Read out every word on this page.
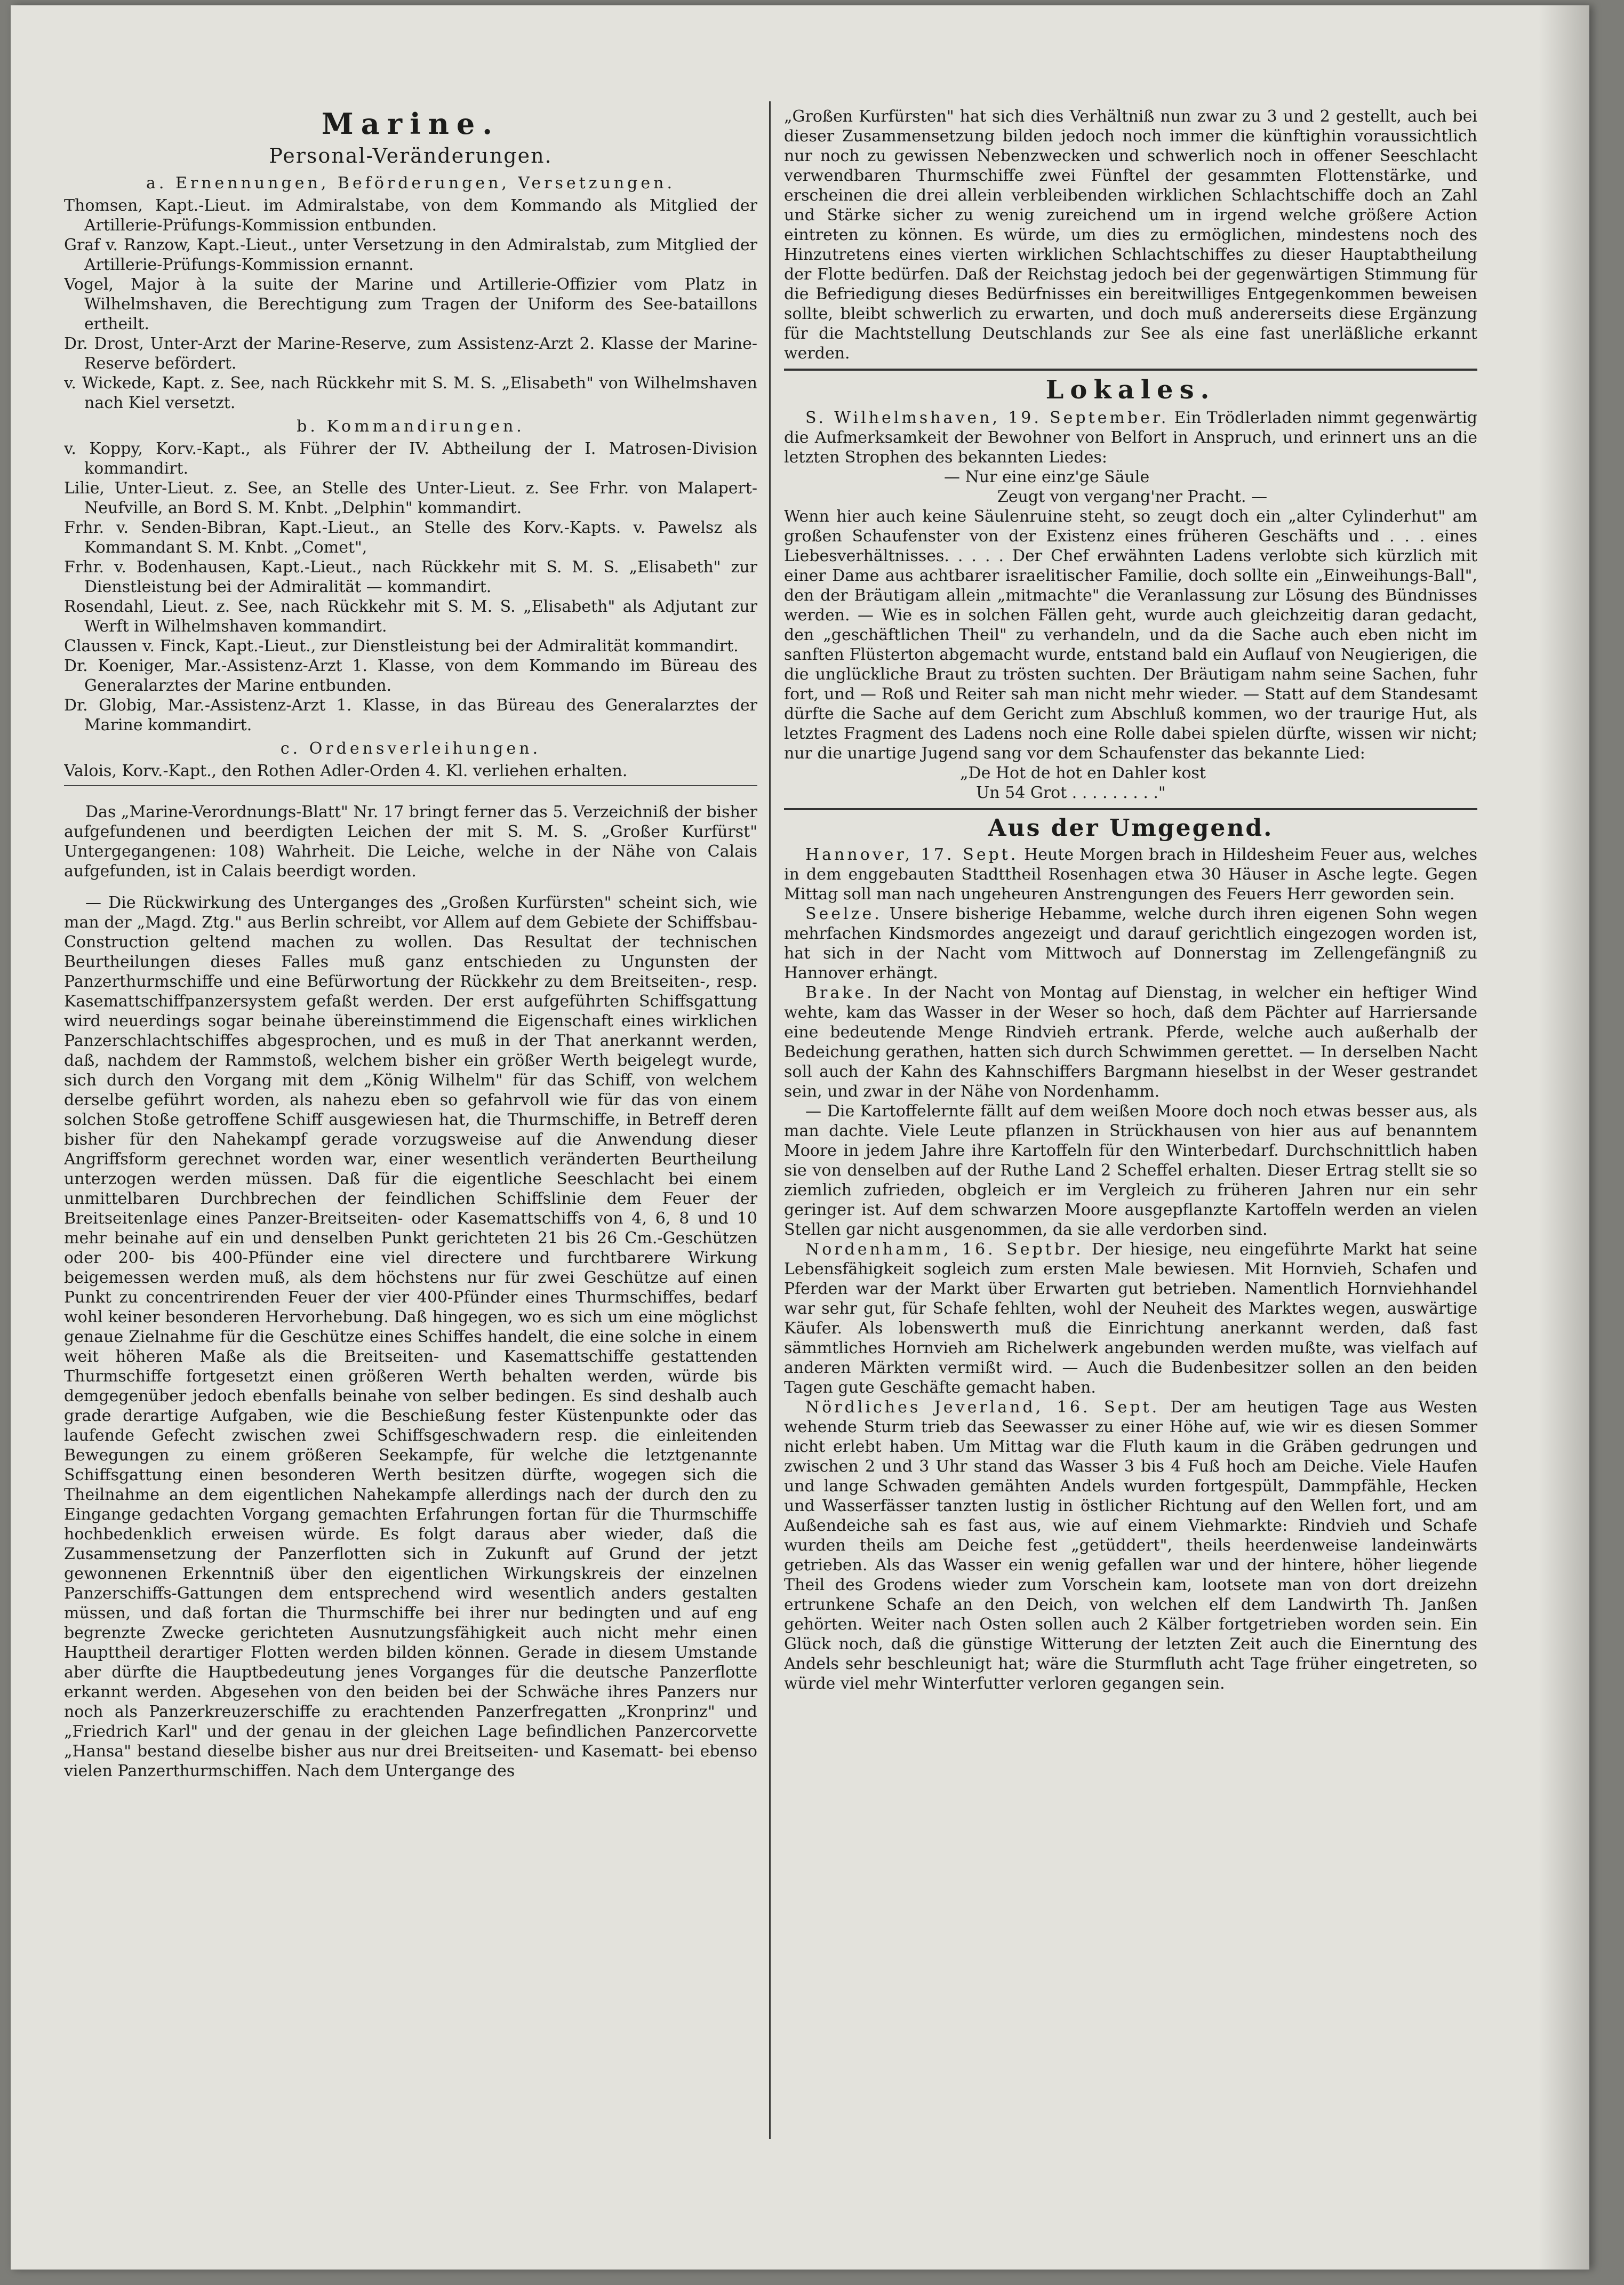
Marine.
Personal-Veränderungen.
a. Ernennungen, Beförderungen, Versetzungen.

Thomsen, Kapt.-Lieut. im Admiralstabe, von dem Kommando als Mitglied der Artillerie-Prüfungs-Kommission entbunden.

Graf v. Ranzow, Kapt.-Lieut., unter Versetzung in den Admiralstab, zum Mitglied der Artillerie-Prüfungs-Kommission ernannt.

Vogel, Major à la suite der Marine und Artillerie-Offizier vom Platz in Wilhelmshaven, die Berechtigung zum Tragen der Uniform des See-bataillons ertheilt.

Dr. Drost, Unter-Arzt der Marine-Reserve, zum Assistenz-Arzt 2. Klasse der Marine-Reserve befördert.

v. Wickede, Kapt. z. See, nach Rückkehr mit S. M. S. „Elisabeth" von Wilhelmshaven nach Kiel versetzt.

b. Kommandirungen.

v. Koppy, Korv.-Kapt., als Führer der IV. Abtheilung der I. Matrosen-Division kommandirt.

Lilie, Unter-Lieut. z. See, an Stelle des Unter-Lieut. z. See Frhr. von Malapert-Neufville, an Bord S. M. Knbt. „Delphin" kommandirt.

Frhr. v. Senden-Bibran, Kapt.-Lieut., an Stelle des Korv.-Kapts. v. Pawelsz als Kommandant S. M. Knbt. „Comet",

Frhr. v. Bodenhausen, Kapt.-Lieut., nach Rückkehr mit S. M. S. „Elisabeth" zur Dienstleistung bei der Admiralität — kommandirt.

Rosendahl, Lieut. z. See, nach Rückkehr mit S. M. S. „Elisabeth" als Adjutant zur Werft in Wilhelmshaven kommandirt.

Claussen v. Finck, Kapt.-Lieut., zur Dienstleistung bei der Admiralität kommandirt.

Dr. Koeniger, Mar.-Assistenz-Arzt 1. Klasse, von dem Kommando im Büreau des Generalarztes der Marine entbunden.

Dr. Globig, Mar.-Assistenz-Arzt 1. Klasse, in das Büreau des Generalarztes der Marine kommandirt.

c. Ordensverleihungen.

Valois, Korv.-Kapt., den Rothen Adler-Orden 4. Kl. verliehen erhalten.

Das „Marine-Verordnungs-Blatt" Nr. 17 bringt ferner das 5. Verzeichniß der bisher aufgefundenen und beerdigten Leichen der mit S. M. S. „Großer Kurfürst" Untergegangenen: 108) Wahrheit. Die Leiche, welche in der Nähe von Calais aufgefunden, ist in Calais beerdigt worden.

— Die Rückwirkung des Unterganges des „Großen Kurfürsten" scheint sich, wie man der „Magd. Ztg." aus Berlin schreibt, vor Allem auf dem Gebiete der Schiffsbau-Construction geltend machen zu wollen. Das Resultat der technischen Beurtheilungen dieses Falles muß ganz entschieden zu Ungunsten der Panzerthurmschiffe und eine Befürwortung der Rückkehr zu dem Breitseiten-, resp. Kasemattschiffpanzersystem gefaßt werden. Der erst aufgeführten Schiffsgattung wird neuerdings sogar beinahe übereinstimmend die Eigenschaft eines wirklichen Panzerschlachtschiffes abgesprochen, und es muß in der That anerkannt werden, daß, nachdem der Rammstoß, welchem bisher ein größer Werth beigelegt wurde, sich durch den Vorgang mit dem „König Wilhelm" für das Schiff, von welchem derselbe geführt worden, als nahezu eben so gefahrvoll wie für das von einem solchen Stoße getroffene Schiff ausgewiesen hat, die Thurmschiffe, in Betreff deren bisher für den Nahekampf gerade vorzugsweise auf die Anwendung dieser Angriffsform gerechnet worden war, einer wesentlich veränderten Beurtheilung unterzogen werden müssen. Daß für die eigentliche Seeschlacht bei einem unmittelbaren Durchbrechen der feindlichen Schiffslinie dem Feuer der Breitseitenlage eines Panzer-Breitseiten- oder Kasemattschiffs von 4, 6, 8 und 10 mehr beinahe auf ein und denselben Punkt gerichteten 21 bis 26 Cm.-Geschützen oder 200- bis 400-Pfünder eine viel directere und furchtbarere Wirkung beigemessen werden muß, als dem höchstens nur für zwei Geschütze auf einen Punkt zu concentrirenden Feuer der vier 400-Pfünder eines Thurmschiffes, bedarf wohl keiner besonderen Hervorhebung. Daß hingegen, wo es sich um eine möglichst genaue Zielnahme für die Geschütze eines Schiffes handelt, die eine solche in einem weit höheren Maße als die Breitseiten- und Kasemattschiffe gestattenden Thurmschiffe fortgesetzt einen größeren Werth behalten werden, würde bis demgegenüber jedoch ebenfalls beinahe von selber bedingen. Es sind deshalb auch grade derartige Aufgaben, wie die Beschießung fester Küstenpunkte oder das laufende Gefecht zwischen zwei Schiffsgeschwadern resp. die einleitenden Bewegungen zu einem größeren Seekampfe, für welche die letztgenannte Schiffsgattung einen besonderen Werth besitzen dürfte, wogegen sich die Theilnahme an dem eigentlichen Nahekampfe allerdings nach der durch den zu Eingange gedachten Vorgang gemachten Erfahrungen fortan für die Thurmschiffe hochbedenklich erweisen würde. Es folgt daraus aber wieder, daß die Zusammensetzung der Panzerflotten sich in Zukunft auf Grund der jetzt gewonnenen Erkenntniß über den eigentlichen Wirkungskreis der einzelnen Panzerschiffs-Gattungen dem entsprechend wird wesentlich anders gestalten müssen, und daß fortan die Thurmschiffe bei ihrer nur bedingten und auf eng begrenzte Zwecke gerichteten Ausnutzungsfähigkeit auch nicht mehr einen Haupttheil derartiger Flotten werden bilden können. Gerade in diesem Umstande aber dürfte die Hauptbedeutung jenes Vorganges für die deutsche Panzerflotte erkannt werden. Abgesehen von den beiden bei der Schwäche ihres Panzers nur noch als Panzerkreuzerschiffe zu erachtenden Panzerfregatten „Kronprinz" und „Friedrich Karl" und der genau in der gleichen Lage befindlichen Panzercorvette „Hansa" bestand dieselbe bisher aus nur drei Breitseiten- und Kasematt- bei ebenso vielen Panzerthurmschiffen. Nach dem Untergange des

„Großen Kurfürsten" hat sich dies Verhältniß nun zwar zu 3 und 2 gestellt, auch bei dieser Zusammensetzung bilden jedoch noch immer die künftighin voraussichtlich nur noch zu gewissen Nebenzwecken und schwerlich noch in offener Seeschlacht verwendbaren Thurmschiffe zwei Fünftel der gesammten Flottenstärke, und erscheinen die drei allein verbleibenden wirklichen Schlachtschiffe doch an Zahl und Stärke sicher zu wenig zureichend um in irgend welche größere Action eintreten zu können. Es würde, um dies zu ermöglichen, mindestens noch des Hinzutretens eines vierten wirklichen Schlachtschiffes zu dieser Hauptabtheilung der Flotte bedürfen. Daß der Reichstag jedoch bei der gegenwärtigen Stimmung für die Befriedigung dieses Bedürfnisses ein bereitwilliges Entgegenkommen beweisen sollte, bleibt schwerlich zu erwarten, und doch muß andererseits diese Ergänzung für die Machtstellung Deutschlands zur See als eine fast unerläßliche erkannt werden.

Lokales.

S. Wilhelmshaven, 19. September. Ein Trödlerladen nimmt gegenwärtig die Aufmerksamkeit der Bewohner von Belfort in Anspruch, und erinnert uns an die letzten Strophen des bekannten Liedes:

— Nur eine einz'ge Säule

Zeugt von vergang'ner Pracht. —

Wenn hier auch keine Säulenruine steht, so zeugt doch ein „alter Cylinderhut" am großen Schaufenster von der Existenz eines früheren Geschäfts und . . . eines Liebesverhältnisses. . . . . Der Chef erwähnten Ladens verlobte sich kürzlich mit einer Dame aus achtbarer israelitischer Familie, doch sollte ein „Einweihungs-Ball", den der Bräutigam allein „mitmachte" die Veranlassung zur Lösung des Bündnisses werden. — Wie es in solchen Fällen geht, wurde auch gleichzeitig daran gedacht, den „geschäftlichen Theil" zu verhandeln, und da die Sache auch eben nicht im sanften Flüsterton abgemacht wurde, entstand bald ein Auflauf von Neugierigen, die die unglückliche Braut zu trösten suchten. Der Bräutigam nahm seine Sachen, fuhr fort, und — Roß und Reiter sah man nicht mehr wieder. — Statt auf dem Standesamt dürfte die Sache auf dem Gericht zum Abschluß kommen, wo der traurige Hut, als letztes Fragment des Ladens noch eine Rolle dabei spielen dürfte, wissen wir nicht; nur die unartige Jugend sang vor dem Schaufenster das bekannte Lied:

„De Hot de hot en Dahler kost

Un 54 Grot . . . . . . . . ."

Aus der Umgegend.

Hannover, 17. Sept. Heute Morgen brach in Hildesheim Feuer aus, welches in dem enggebauten Stadttheil Rosenhagen etwa 30 Häuser in Asche legte. Gegen Mittag soll man nach ungeheuren Anstrengungen des Feuers Herr geworden sein.

Seelze. Unsere bisherige Hebamme, welche durch ihren eigenen Sohn wegen mehrfachen Kindsmordes angezeigt und darauf gerichtlich eingezogen worden ist, hat sich in der Nacht vom Mittwoch auf Donnerstag im Zellengefängniß zu Hannover erhängt.

Brake. In der Nacht von Montag auf Dienstag, in welcher ein heftiger Wind wehte, kam das Wasser in der Weser so hoch, daß dem Pächter auf Harriersande eine bedeutende Menge Rindvieh ertrank. Pferde, welche auch außerhalb der Bedeichung gerathen, hatten sich durch Schwimmen gerettet. — In derselben Nacht soll auch der Kahn des Kahnschiffers Bargmann hieselbst in der Weser gestrandet sein, und zwar in der Nähe von Nordenhamm.

— Die Kartoffelernte fällt auf dem weißen Moore doch noch etwas besser aus, als man dachte. Viele Leute pflanzen in Strückhausen von hier aus auf benanntem Moore in jedem Jahre ihre Kartoffeln für den Winterbedarf. Durchschnittlich haben sie von denselben auf der Ruthe Land 2 Scheffel erhalten. Dieser Ertrag stellt sie so ziemlich zufrieden, obgleich er im Vergleich zu früheren Jahren nur ein sehr geringer ist. Auf dem schwarzen Moore ausgepflanzte Kartoffeln werden an vielen Stellen gar nicht ausgenommen, da sie alle verdorben sind.

Nordenhamm, 16. Septbr. Der hiesige, neu eingeführte Markt hat seine Lebensfähigkeit sogleich zum ersten Male bewiesen. Mit Hornvieh, Schafen und Pferden war der Markt über Erwarten gut betrieben. Namentlich Hornviehhandel war sehr gut, für Schafe fehlten, wohl der Neuheit des Marktes wegen, auswärtige Käufer. Als lobenswerth muß die Einrichtung anerkannt werden, daß fast sämmtliches Hornvieh am Richelwerk angebunden werden mußte, was vielfach auf anderen Märkten vermißt wird. — Auch die Budenbesitzer sollen an den beiden Tagen gute Geschäfte gemacht haben.

Nördliches Jeverland, 16. Sept. Der am heutigen Tage aus Westen wehende Sturm trieb das Seewasser zu einer Höhe auf, wie wir es diesen Sommer nicht erlebt haben. Um Mittag war die Fluth kaum in die Gräben gedrungen und zwischen 2 und 3 Uhr stand das Wasser 3 bis 4 Fuß hoch am Deiche. Viele Haufen und lange Schwaden gemähten Andels wurden fortgespült, Dammpfähle, Hecken und Wasserfässer tanzten lustig in östlicher Richtung auf den Wellen fort, und am Außendeiche sah es fast aus, wie auf einem Viehmarkte: Rindvieh und Schafe wurden theils am Deiche fest „getüddert", theils heerdenweise landeinwärts getrieben. Als das Wasser ein wenig gefallen war und der hintere, höher liegende Theil des Grodens wieder zum Vorschein kam, lootsete man von dort dreizehn ertrunkene Schafe an den Deich, von welchen elf dem Landwirth Th. Janßen gehörten. Weiter nach Osten sollen auch 2 Kälber fortgetrieben worden sein. Ein Glück noch, daß die günstige Witterung der letzten Zeit auch die Einerntung des Andels sehr beschleunigt hat; wäre die Sturmfluth acht Tage früher eingetreten, so würde viel mehr Winterfutter verloren gegangen sein.
